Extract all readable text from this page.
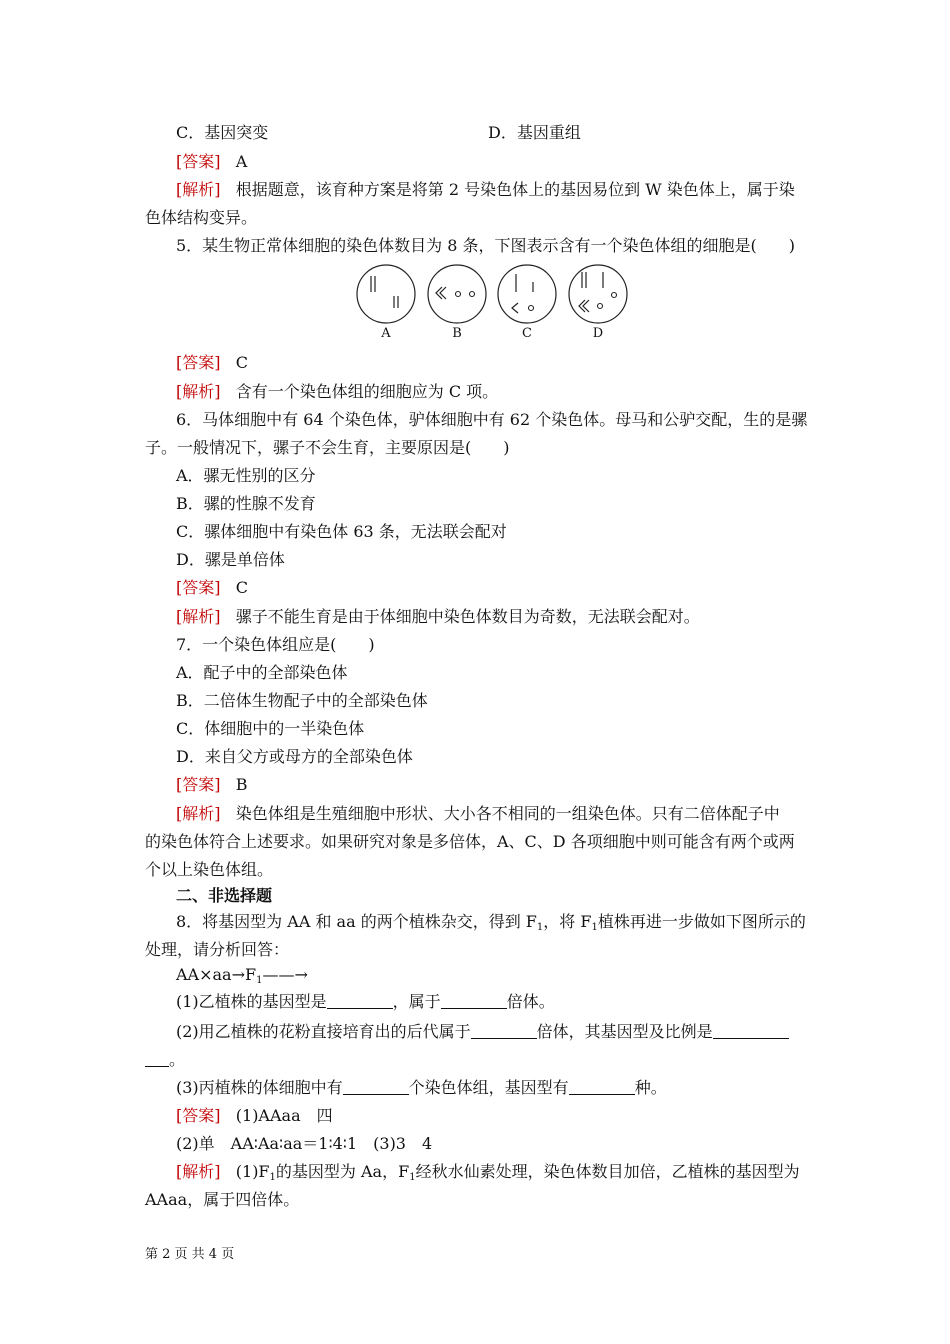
C．基因突变	D．基因重组
[答案] A
[解析] 根据题意，该育种方案是将第 2 号染色体上的基因易位到 W 染色体上，属于染
色体结构变异。
5．某生物正常体细胞的染色体数目为 8 条，下图表示含有一个染色体组的细胞是(　　)
A	B	C	D
[答案] C
[解析] 含有一个染色体组的细胞应为 C 项。
6．马体细胞中有 64 个染色体，驴体细胞中有 62 个染色体。母马和公驴交配，生的是骡
子。一般情况下，骡子不会生育，主要原因是(　　)
A．骡无性别的区分
B．骡的性腺不发育
C．骡体细胞中有染色体 63 条，无法联会配对
D．骡是单倍体
[答案] C
[解析] 骡子不能生育是由于体细胞中染色体数目为奇数，无法联会配对。
7．一个染色体组应是(　　)
A．配子中的全部染色体
B．二倍体生物配子中的全部染色体
C．体细胞中的一半染色体
D．来自父方或母方的全部染色体
[答案] B
[解析] 染色体组是生殖细胞中形状、大小各不相同的一组染色体。只有二倍体配子中
的染色体符合上述要求。如果研究对象是多倍体，A、C、D 各项细胞中则可能含有两个或两
个以上染色体组。
二、非选择题
8．将基因型为 AA 和 aa 的两个植株杂交，得到 $F_1$，将 $F_1$植株再进一步做如下图所示的
处理，请分析回答：
$AA\times aa\to F_1——\to$
(1)乙植株的基因型是	，属于	倍体。
(2)用乙植株的花粉直接培育出的后代属于	倍体，其基因型及比例是
。
(3)丙植株的体细胞中有	个染色体组，基因型有	种。
[答案] (1)AAaa　四
(2)单　AA∶Aa∶aa＝1∶4∶1　(3)3　4
[解析] $(1)F_1$的基因型为 Aa，$F_1$经秋水仙素处理，染色体数目加倍，乙植株的基因型为
AAaa，属于四倍体。
第 2 页 共 4 页
